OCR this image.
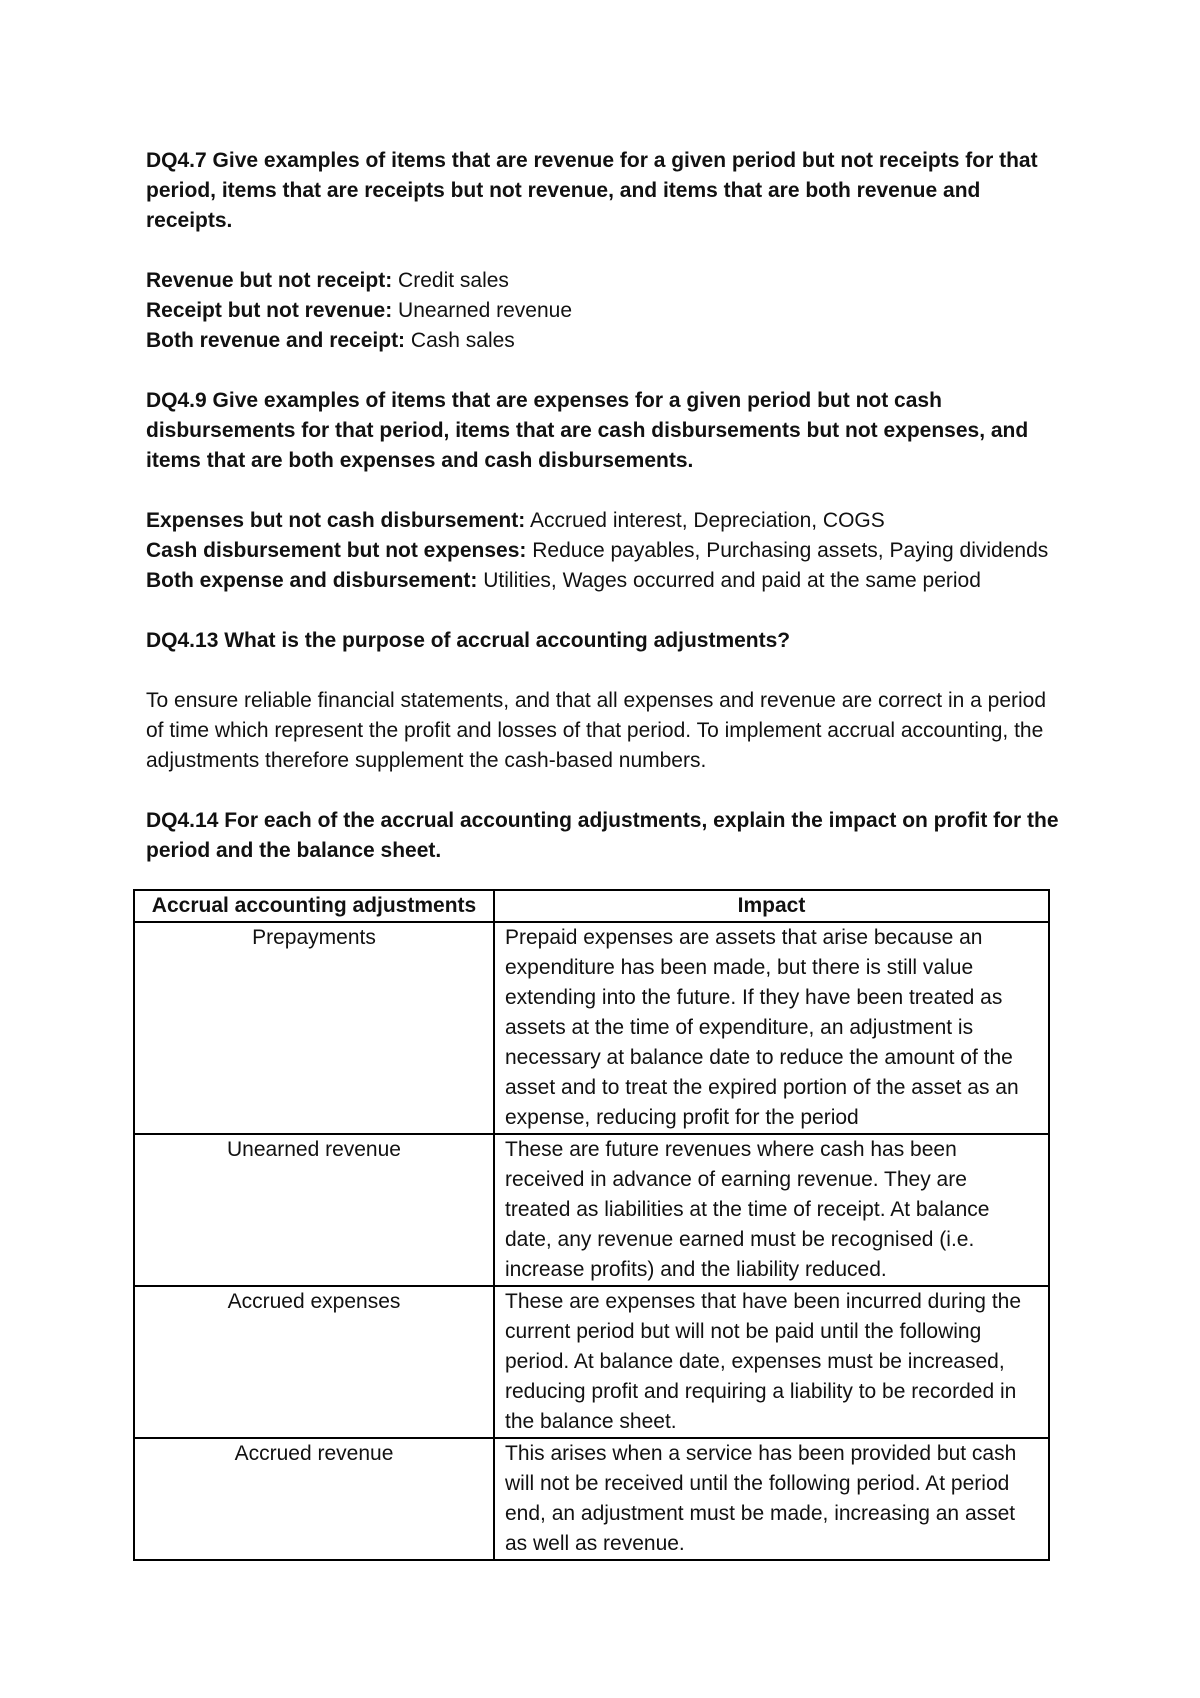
DQ4.7 Give examples of items that are revenue for a given period but not receipts for that period, items that are receipts but not revenue, and items that are both revenue and receipts.

Revenue but not receipt: Credit sales

Receipt but not revenue: Unearned revenue

Both revenue and receipt: Cash sales

DQ4.9 Give examples of items that are expenses for a given period but not cash disbursements for that period, items that are cash disbursements but not expenses, and items that are both expenses and cash disbursements.

Expenses but not cash disbursement: Accrued interest, Depreciation, COGS

Cash disbursement but not expenses: Reduce payables, Purchasing assets, Paying dividends

Both expense and disbursement: Utilities, Wages occurred and paid at the same period

DQ4.13 What is the purpose of accrual accounting adjustments?

To ensure reliable financial statements, and that all expenses and revenue are correct in a period of time which represent the profit and losses of that period. To implement accrual accounting, the adjustments therefore supplement the cash-based numbers.

DQ4.14 For each of the accrual accounting adjustments, explain the impact on profit for the period and the balance sheet.

Accrual accounting adjustments	Impact
Prepayments	Prepaid expenses are assets that arise because an expenditure has been made, but there is still value extending into the future. If they have been treated as assets at the time of expenditure, an adjustment is necessary at balance date to reduce the amount of the asset and to treat the expired portion of the asset as an expense, reducing profit for the period
Unearned revenue	These are future revenues where cash has been received in advance of earning revenue. They are treated as liabilities at the time of receipt. At balance date, any revenue earned must be recognised (i.e. increase profits) and the liability reduced.
Accrued expenses	These are expenses that have been incurred during the current period but will not be paid until the following period. At balance date, expenses must be increased, reducing profit and requiring a liability to be recorded in the balance sheet.
Accrued revenue	This arises when a service has been provided but cash will not be received until the following period. At period end, an adjustment must be made, increasing an asset as well as revenue.
